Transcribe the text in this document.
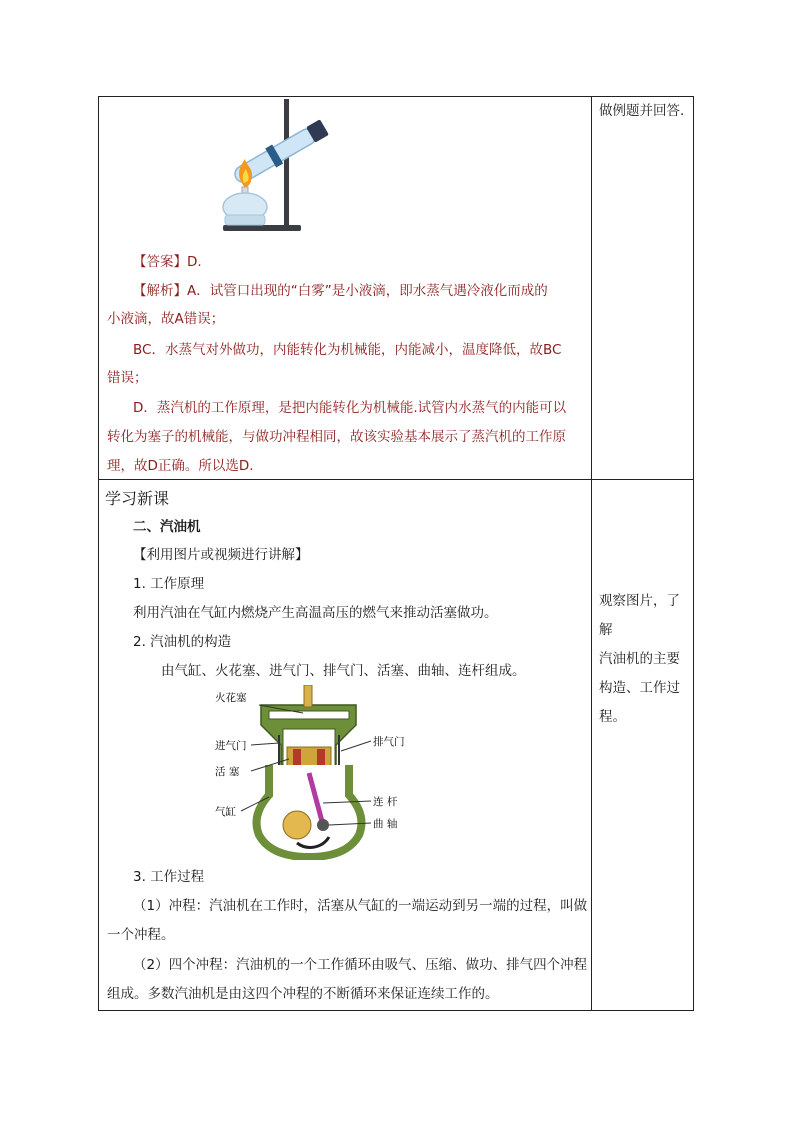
【答案】D.
【解析】A．试管口出现的“白雾”是小液滴，即水蒸气遇冷液化而成的
小液滴，故A错误；
BC．水蒸气对外做功，内能转化为机械能，内能减小，温度降低，故BC
错误；
D．蒸汽机的工作原理，是把内能转化为机械能.试管内水蒸气的内能可以
转化为塞子的机械能，与做功冲程相同，故该实验基本展示了蒸汽机的工作原
理，故D正确。所以选D.
做例题并回答.
学习新课
二、汽油机
【利用图片或视频进行讲解】
1. 工作原理
利用汽油在气缸内燃烧产生高温高压的燃气来推动活塞做功。
2. 汽油机的构造
由气缸、火花塞、进气门、排气门、活塞、曲轴、连杆组成。
火花塞
进气门
活 塞
气缸
排气门
连 杆
曲 轴
3. 工作过程
（1）冲程：汽油机在工作时，活塞从气缸的一端运动到另一端的过程，叫做
一个冲程。
（2）四个冲程：汽油机的一个工作循环由吸气、压缩、做功、排气四个冲程
组成。多数汽油机是由这四个冲程的不断循环来保证连续工作的。
观察图片，了解
汽油机的主要
构造、工作过
程。
